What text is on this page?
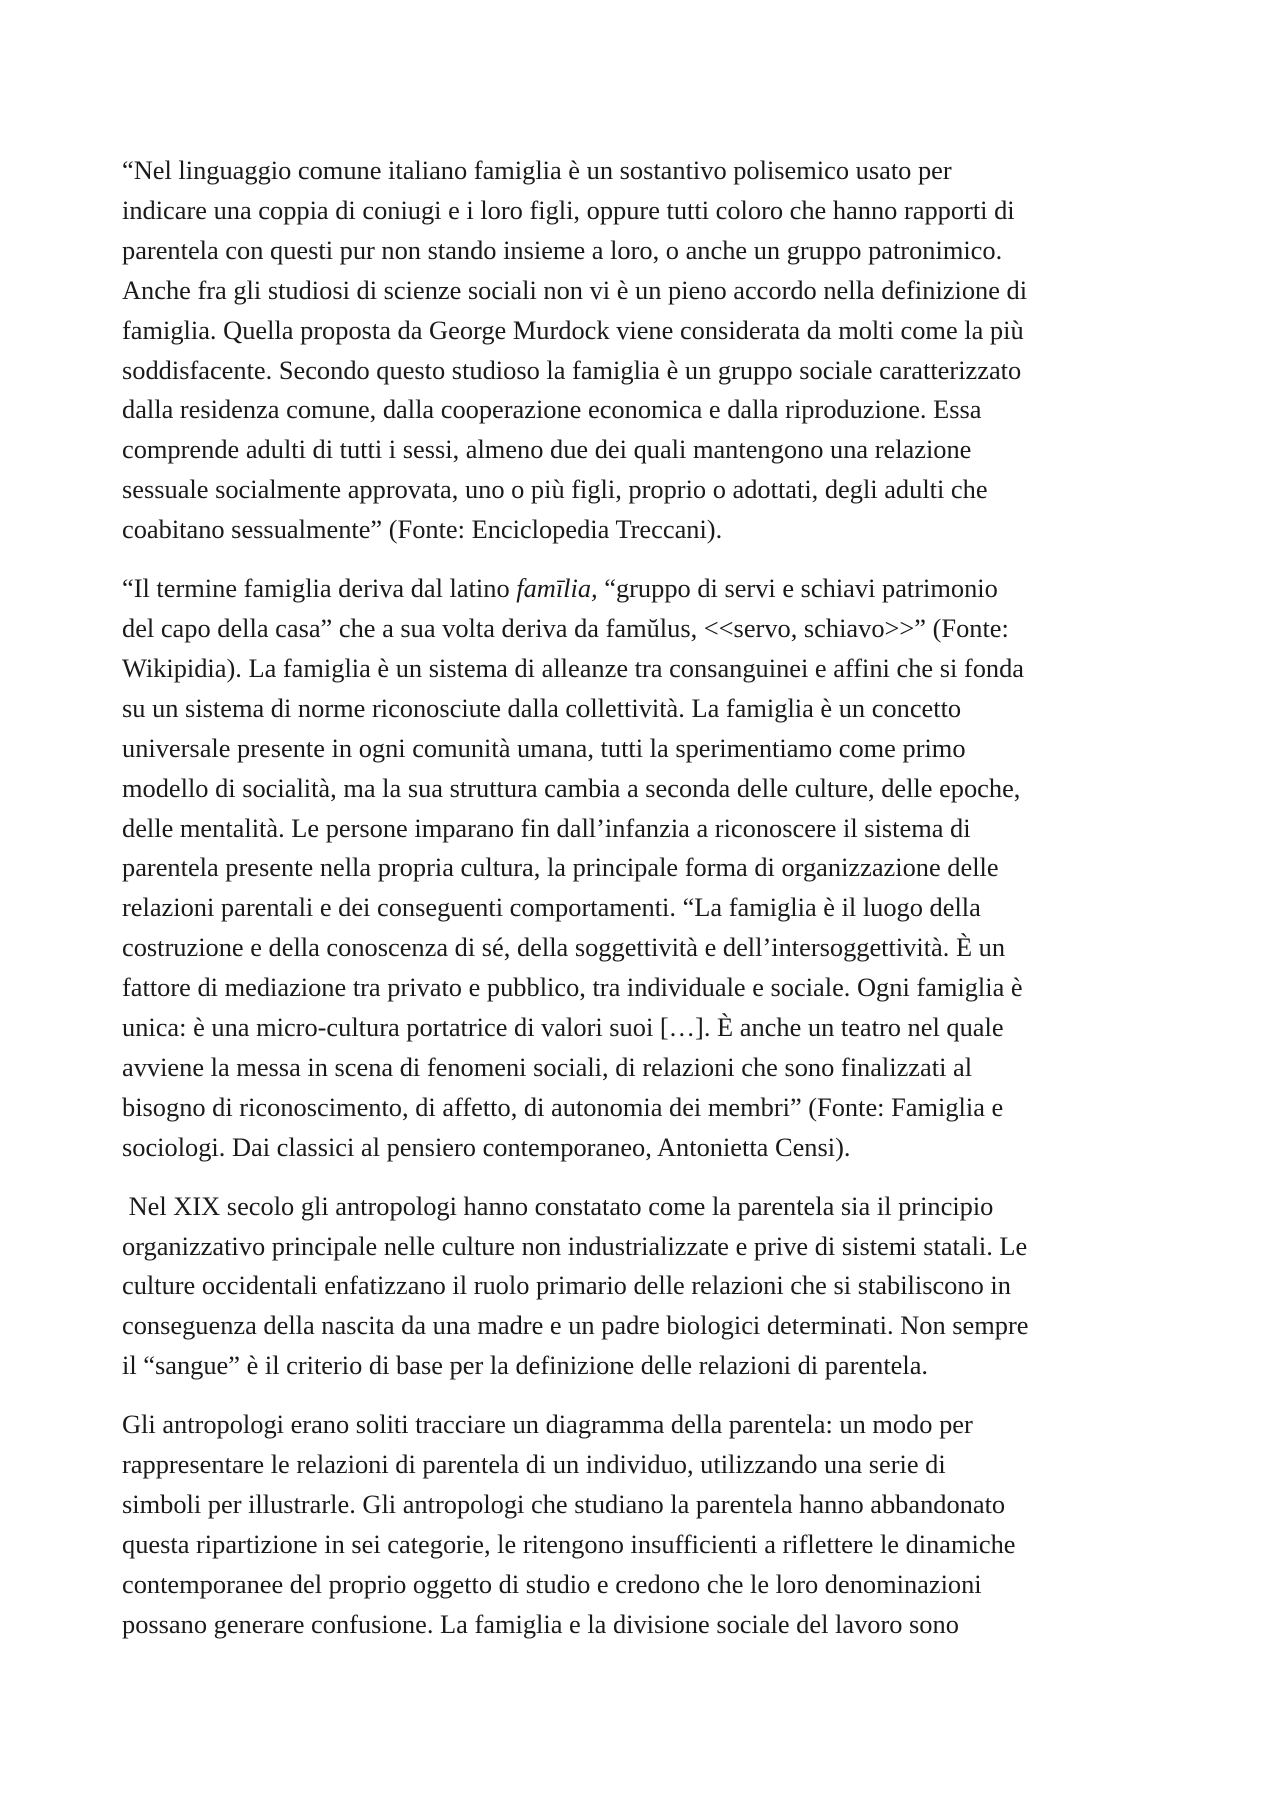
“Nel linguaggio comune italiano famiglia è un sostantivo polisemico usato per
indicare una coppia di coniugi e i loro figli, oppure tutti coloro che hanno rapporti di
parentela con questi pur non stando insieme a loro, o anche un gruppo patronimico.
Anche fra gli studiosi di scienze sociali non vi è un pieno accordo nella definizione di
famiglia. Quella proposta da George Murdock viene considerata da molti come la più
soddisfacente. Secondo questo studioso la famiglia è un gruppo sociale caratterizzato
dalla residenza comune, dalla cooperazione economica e dalla riproduzione. Essa
comprende adulti di tutti i sessi, almeno due dei quali mantengono una relazione
sessuale socialmente approvata, uno o più figli, proprio o adottati, degli adulti che
coabitano sessualmente” (Fonte: Enciclopedia Treccani).

“Il termine famiglia deriva dal latino famīlia, “gruppo di servi e schiavi patrimonio
del capo della casa” che a sua volta deriva da famŭlus, <<servo, schiavo>>” (Fonte:
Wikipidia). La famiglia è un sistema di alleanze tra consanguinei e affini che si fonda
su un sistema di norme riconosciute dalla collettività. La famiglia è un concetto
universale presente in ogni comunità umana, tutti la sperimentiamo come primo
modello di socialità, ma la sua struttura cambia a seconda delle culture, delle epoche,
delle mentalità. Le persone imparano fin dall’infanzia a riconoscere il sistema di
parentela presente nella propria cultura, la principale forma di organizzazione delle
relazioni parentali e dei conseguenti comportamenti. “La famiglia è il luogo della
costruzione e della conoscenza di sé, della soggettività e dell’intersoggettività. È un
fattore di mediazione tra privato e pubblico, tra individuale e sociale. Ogni famiglia è
unica: è una micro-cultura portatrice di valori suoi […]. È anche un teatro nel quale
avviene la messa in scena di fenomeni sociali, di relazioni che sono finalizzati al
bisogno di riconoscimento, di affetto, di autonomia dei membri” (Fonte: Famiglia e
sociologi. Dai classici al pensiero contemporaneo, Antonietta Censi).

Nel XIX secolo gli antropologi hanno constatato come la parentela sia il principio
organizzativo principale nelle culture non industrializzate e prive di sistemi statali. Le
culture occidentali enfatizzano il ruolo primario delle relazioni che si stabiliscono in
conseguenza della nascita da una madre e un padre biologici determinati. Non sempre
il “sangue” è il criterio di base per la definizione delle relazioni di parentela.

Gli antropologi erano soliti tracciare un diagramma della parentela: un modo per
rappresentare le relazioni di parentela di un individuo, utilizzando una serie di
simboli per illustrarle. Gli antropologi che studiano la parentela hanno abbandonato
questa ripartizione in sei categorie, le ritengono insufficienti a riflettere le dinamiche
contemporanee del proprio oggetto di studio e credono che le loro denominazioni
possano generare confusione. La famiglia e la divisione sociale del lavoro sono
